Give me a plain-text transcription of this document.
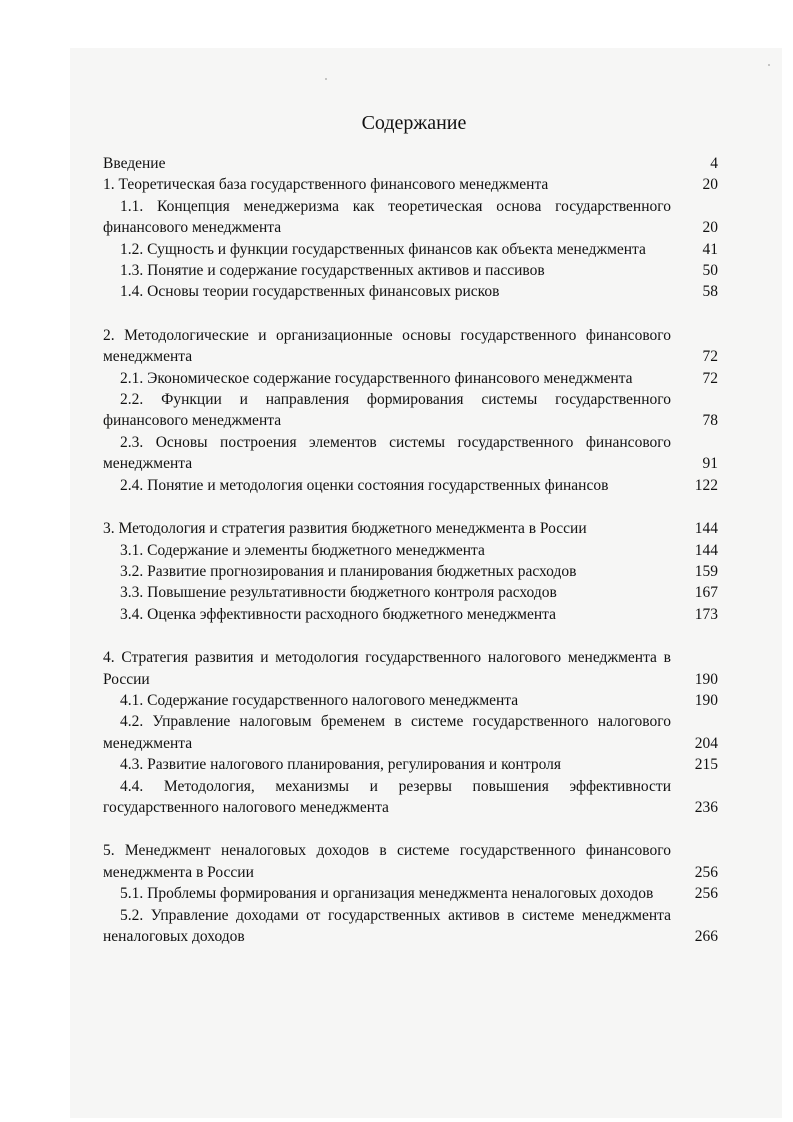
Содержание
Введение	4
1. Теоретическая база государственного финансового менеджмента	20
1.1. Концепция менеджеризма как теоретическая основа государственного финансового менеджмента	20
1.2. Сущность и функции государственных финансов как объекта менеджмента	41
1.3. Понятие и содержание государственных активов и пассивов	50
1.4. Основы теории государственных финансовых рисков	58
2. Методологические и организационные основы государственного финансового менеджмента	72
2.1. Экономическое содержание государственного финансового менеджмента	72
2.2. Функции и направления формирования системы государственного финансового менеджмента	78
2.3. Основы построения элементов системы государственного финансового менеджмента	91
2.4. Понятие и методология оценки состояния государственных финансов	122
3. Методология и стратегия развития бюджетного менеджмента в России	144
3.1. Содержание и элементы бюджетного менеджмента	144
3.2. Развитие прогнозирования и планирования бюджетных расходов	159
3.3. Повышение результативности бюджетного контроля расходов	167
3.4. Оценка эффективности расходного бюджетного менеджмента	173
4. Стратегия развития и методология государственного налогового менеджмента в России	190
4.1. Содержание государственного налогового менеджмента	190
4.2. Управление налоговым бременем в системе государственного налогового менеджмента	204
4.3. Развитие налогового планирования, регулирования и контроля	215
4.4. Методология, механизмы и резервы повышения эффективности государственного налогового менеджмента	236
5. Менеджмент неналоговых доходов в системе государственного финансового менеджмента в России	256
5.1. Проблемы формирования и организация менеджмента неналоговых доходов	256
5.2. Управление доходами от государственных активов в системе менеджмента неналоговых доходов	266
